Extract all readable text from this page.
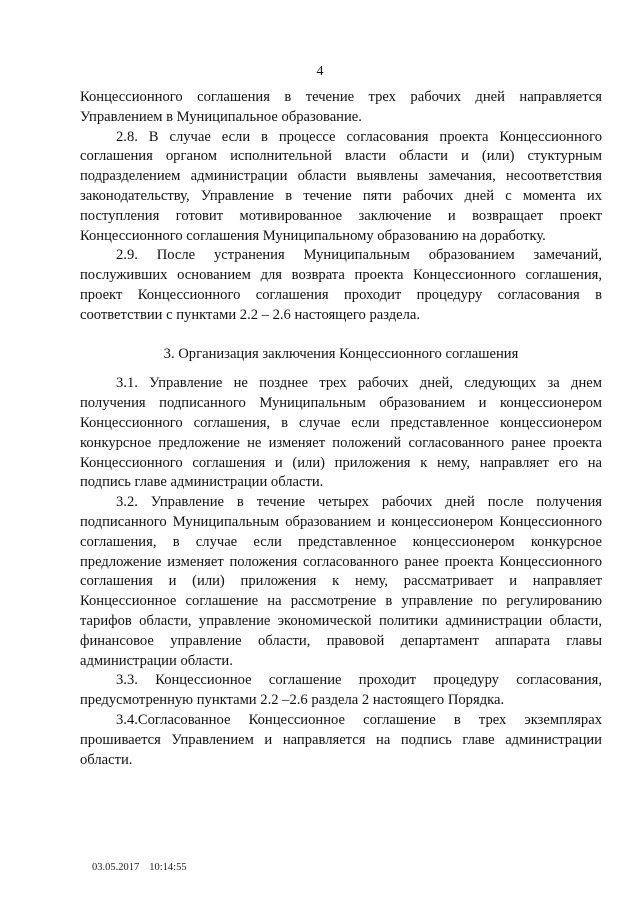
4

Концессионного соглашения в течение трех рабочих дней направляется Управлением в Муниципальное образование.

2.8. В случае если в процессе согласования проекта Концессионного соглашения органом исполнительной власти области и (или) стуктурным подразделением администрации области выявлены замечания, несоответствия законодательству, Управление в течение пяти рабочих дней с момента их поступления готовит мотивированное заключение и возвращает проект Концессионного соглашения Муниципальному образованию на доработку.

2.9. После устранения Муниципальным образованием замечаний, послуживших основанием для возврата проекта Концессионного соглашения, проект Концессионного соглашения проходит процедуру согласования в соответствии с пунктами 2.2 – 2.6 настоящего раздела.

3. Организация заключения Концессионного соглашения

3.1. Управление не позднее трех рабочих дней, следующих за днем получения подписанного Муниципальным образованием и концессионером Концессионного соглашения, в случае если представленное концессионером конкурсное предложение не изменяет положений согласованного ранее проекта Концессионного соглашения и (или) приложения к нему, направляет его на подпись главе администрации области.

3.2. Управление в течение четырех рабочих дней после получения подписанного Муниципальным образованием и концессионером Концессионного соглашения, в случае если представленное концессионером конкурсное предложение изменяет положения согласованного ранее проекта Концессионного соглашения и (или) приложения к нему, рассматривает и направляет Концессионное соглашение на рассмотрение в управление по регулированию тарифов области, управление экономической политики администрации области, финансовое управление области, правовой департамент аппарата главы администрации области.

3.3. Концессионное соглашение проходит процедуру согласования, предусмотренную пунктами 2.2 –2.6 раздела 2 настоящего Порядка.

3.4.Согласованное Концессионное соглашение в трех экземплярах прошивается Управлением и направляется на подпись главе администрации области.

03.05.2017 10:14:55
